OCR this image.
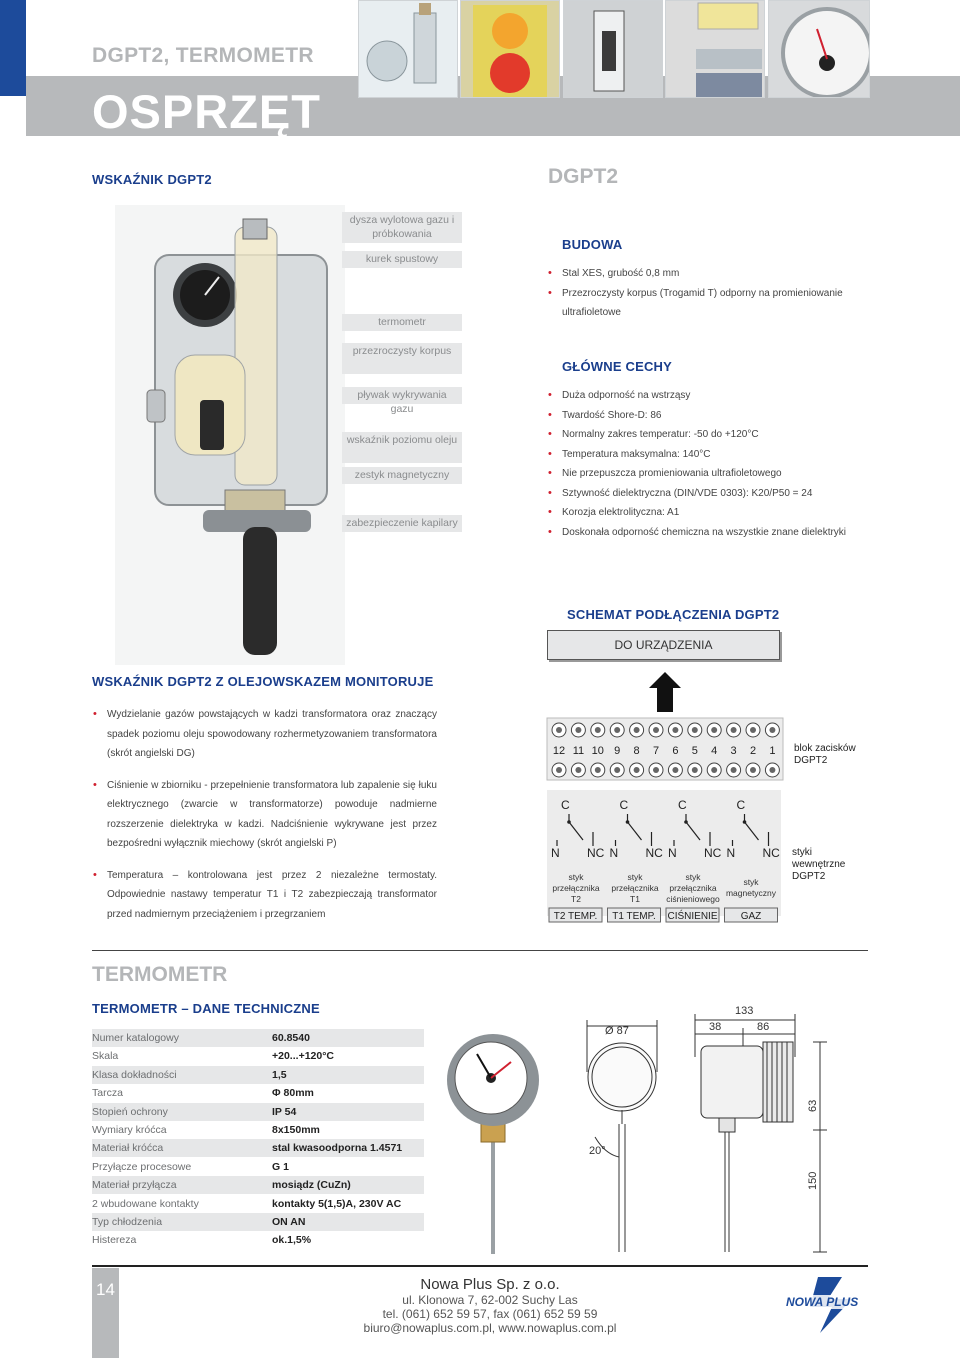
DGPT2, TERMOMETR
OSPRZĘT
WSKAŹNIK DGPT2
dysza wylotowa gazu i próbkowania
kurek spustowy
termometr
przezroczysty korpus
pływak wykrywania gazu
wskaźnik poziomu oleju
zestyk magnetyczny
zabezpieczenie kapilary
DGPT2
BUDOWA
• Stal XES, grubość 0,8 mm
• Przezroczysty korpus (Trogamid T) odporny na promieniowanie ultrafioletowe
GŁÓWNE CECHY
• Duża odporność na wstrząsy
• Twardość Shore-D: 86
• Normalny zakres temperatur: -50 do +120°C
• Temperatura maksymalna: 140°C
• Nie przepuszcza promieniowania ultrafioletowego
• Sztywność dielektryczna (DIN/VDE 0303): K20/P50 = 24
• Korozja elektrolityczna: A1
• Doskonała odporność chemiczna na wszystkie znane dielektryki
WSKAŹNIK DGPT2 Z OLEJOWSKAZEM MONITORUJE
• Wydzielanie gazów powstających w kadzi transformatora oraz znaczący spadek poziomu oleju spowodowany rozhermetyzowaniem transformatora (skrót angielski DG)
• Ciśnienie w zbiorniku - przepełnienie transformatora lub zapalenie się łuku elektrycznego (zwarcie w transformatorze) powoduje nadmierne rozszerzenie dielektryka w kadzi. Nadciśnienie wykrywane jest przez bezpośredni wyłącznik miechowy (skrót angielski P)
• Temperatura – kontrolowana jest przez 2 niezależne termostaty. Odpowiednie nastawy temperatur T1 i T2 zabezpieczają transformator przed nadmiernym przeciążeniem i przegrzaniem
SCHEMAT PODŁĄCZENIA DGPT2
DO URZĄDZENIA
12 11 10 9 8 7 6 5 4 3 2 1
C
N NC
C
N NC
C
N NC
C
N NC
T2 TEMP. T1 TEMP. CIŚNIENIE GAZ
blok zacisków DGPT2
styki wewnętrzne DGPT2
styk przełącznika T2
styk przełącznika T1
styk przełącznika ciśnieniowego
styk magnetyczny
TERMOMETR
TERMOMETR – DANE TECHNICZNE
Numer katalogowy	60.8540
Skala	+20...+120°C
Klasa dokładności	1,5
Tarcza	Φ 80mm
Stopień ochrony	IP 54
Wymiary króćca	8x150mm
Materiał króćca	stal kwasoodporna 1.4571
Przyłącze procesowe	G 1
Materiał przyłącza	mosiądz (CuZn)
2 wbudowane kontakty	kontakty 5(1,5)A, 230V AC
Typ chłodzenia	ON AN
Histereza	ok.1,5%
Ø 87
20°
133
38	86
63
150
14	Nowa Plus Sp. z o.o.
ul. Klonowa 7, 62-002 Suchy Las
tel. (061) 652 59 57, fax (061) 652 59 59
biuro@nowaplus.com.pl, www.nowaplus.com.pl
NOWA PLUS
